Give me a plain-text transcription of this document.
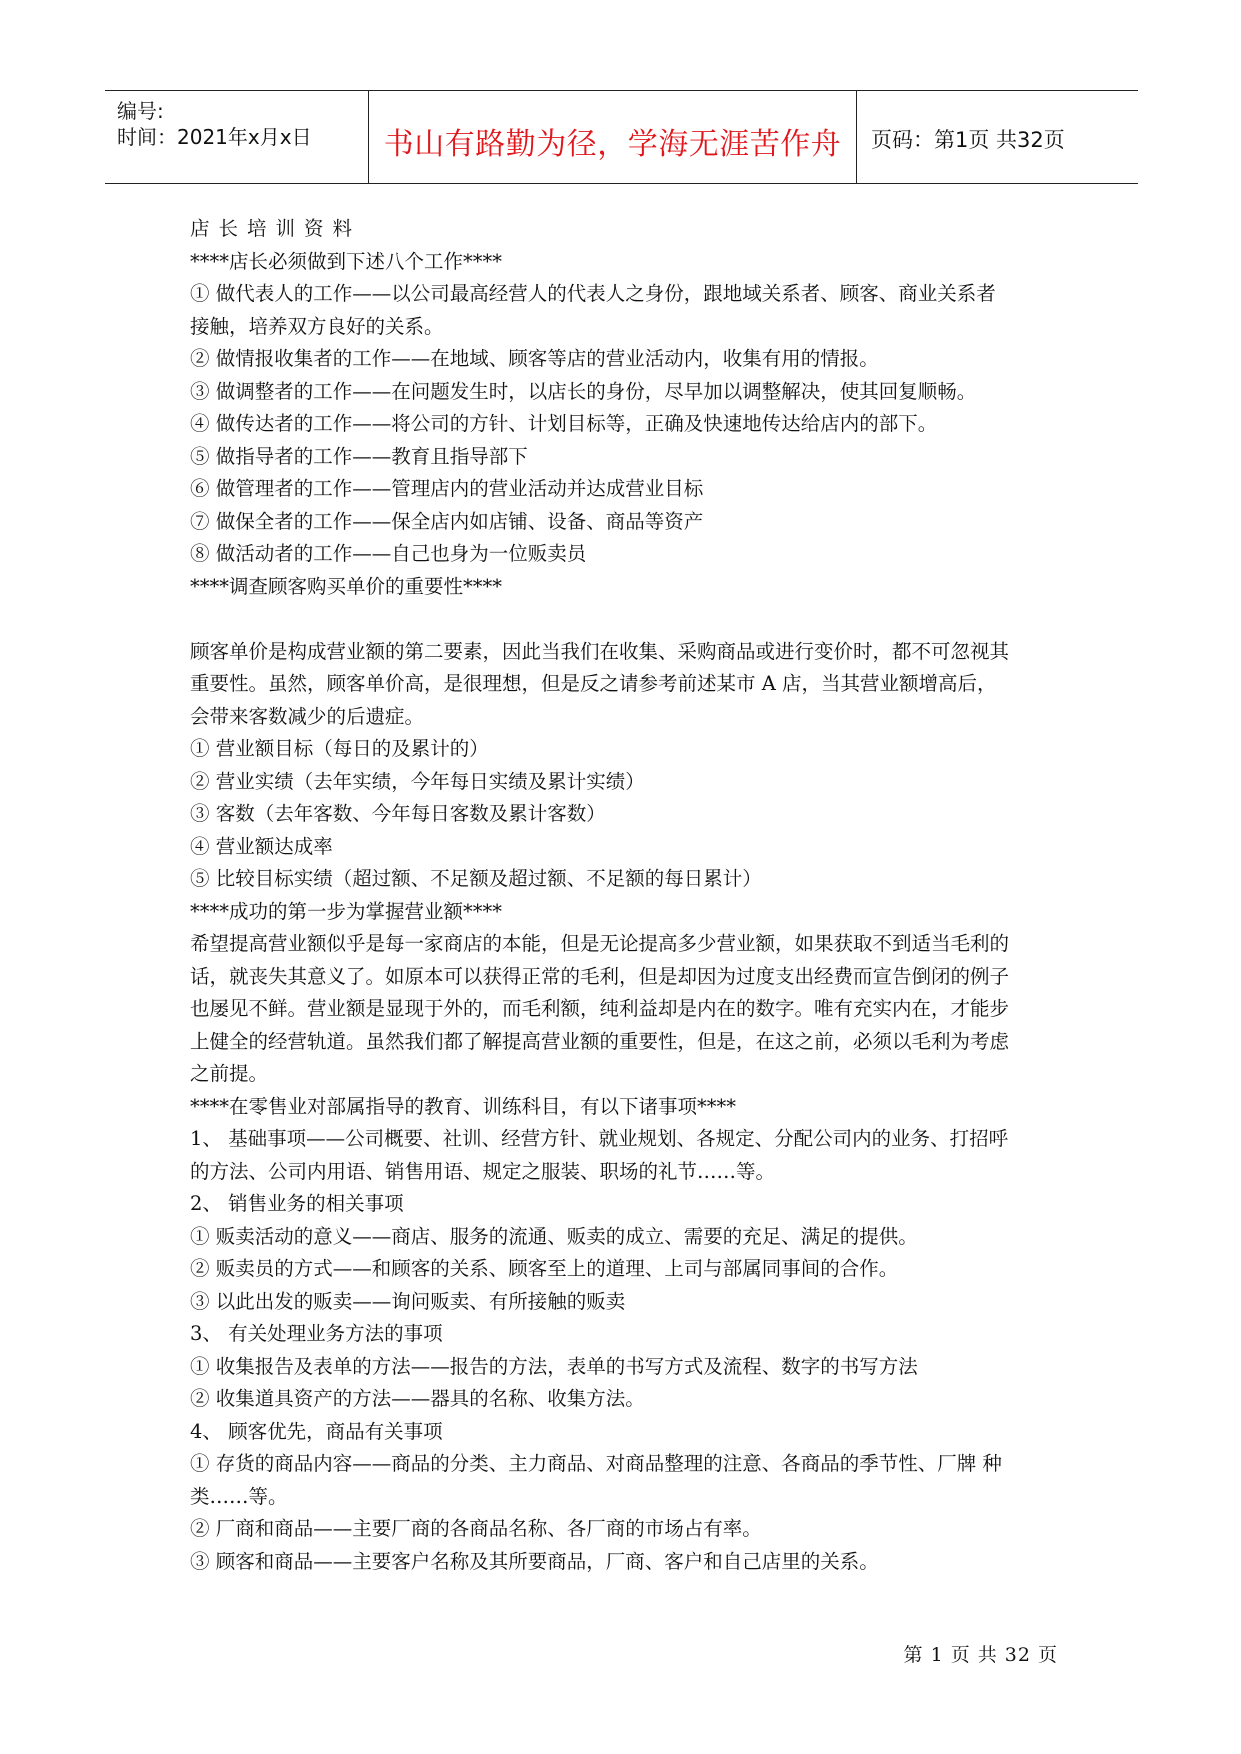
编号:
时间：2021年x月x日	书山有路勤为径，学海无涯苦作舟	页码：第1页 共32页
店长培训资料
****店长必须做到下述八个工作****
① 做代表人的工作——以公司最高经营人的代表人之身份，跟地域关系者、顾客、商业关系者
接触，培养双方良好的关系。
② 做情报收集者的工作——在地域、顾客等店的营业活动内，收集有用的情报。
③ 做调整者的工作——在问题发生时，以店长的身份，尽早加以调整解决，使其回复顺畅。
④ 做传达者的工作——将公司的方针、计划目标等，正确及快速地传达给店内的部下。
⑤ 做指导者的工作——教育且指导部下
⑥ 做管理者的工作——管理店内的营业活动并达成营业目标
⑦ 做保全者的工作——保全店内如店铺、设备、商品等资产
⑧ 做活动者的工作——自己也身为一位贩卖员
****调查顾客购买单价的重要性****
顾客单价是构成营业额的第二要素，因此当我们在收集、采购商品或进行变价时，都不可忽视其
重要性。虽然，顾客单价高，是很理想，但是反之请参考前述某市 A 店，当其营业额增高后，
会带来客数减少的后遗症。
① 营业额目标（每日的及累计的）
② 营业实绩（去年实绩，今年每日实绩及累计实绩）
③ 客数（去年客数、今年每日客数及累计客数）
④ 营业额达成率
⑤ 比较目标实绩（超过额、不足额及超过额、不足额的每日累计）
****成功的第一步为掌握营业额****
希望提高营业额似乎是每一家商店的本能，但是无论提高多少营业额，如果获取不到适当毛利的
话，就丧失其意义了。如原本可以获得正常的毛利，但是却因为过度支出经费而宣告倒闭的例子
也屡见不鲜。营业额是显现于外的，而毛利额，纯利益却是内在的数字。唯有充实内在，才能步
上健全的经营轨道。虽然我们都了解提高营业额的重要性，但是，在这之前，必须以毛利为考虑
之前提。
****在零售业对部属指导的教育、训练科目，有以下诸事项****
1、 基础事项——公司概要、社训、经营方针、就业规划、各规定、分配公司内的业务、打招呼
的方法、公司内用语、销售用语、规定之服装、职场的礼节……等。
2、 销售业务的相关事项
① 贩卖活动的意义——商店、服务的流通、贩卖的成立、需要的充足、满足的提供。
② 贩卖员的方式——和顾客的关系、顾客至上的道理、上司与部属同事间的合作。
③ 以此出发的贩卖——询问贩卖、有所接触的贩卖
3、 有关处理业务方法的事项
① 收集报告及表单的方法——报告的方法，表单的书写方式及流程、数字的书写方法
② 收集道具资产的方法——器具的名称、收集方法。
4、 顾客优先，商品有关事项
① 存货的商品内容——商品的分类、主力商品、对商品整理的注意、各商品的季节性、厂牌 种
类……等。
② 厂商和商品——主要厂商的各商品名称、各厂商的市场占有率。
③ 顾客和商品——主要客户名称及其所要商品，厂商、客户和自己店里的关系。
第 1 页 共 32 页
